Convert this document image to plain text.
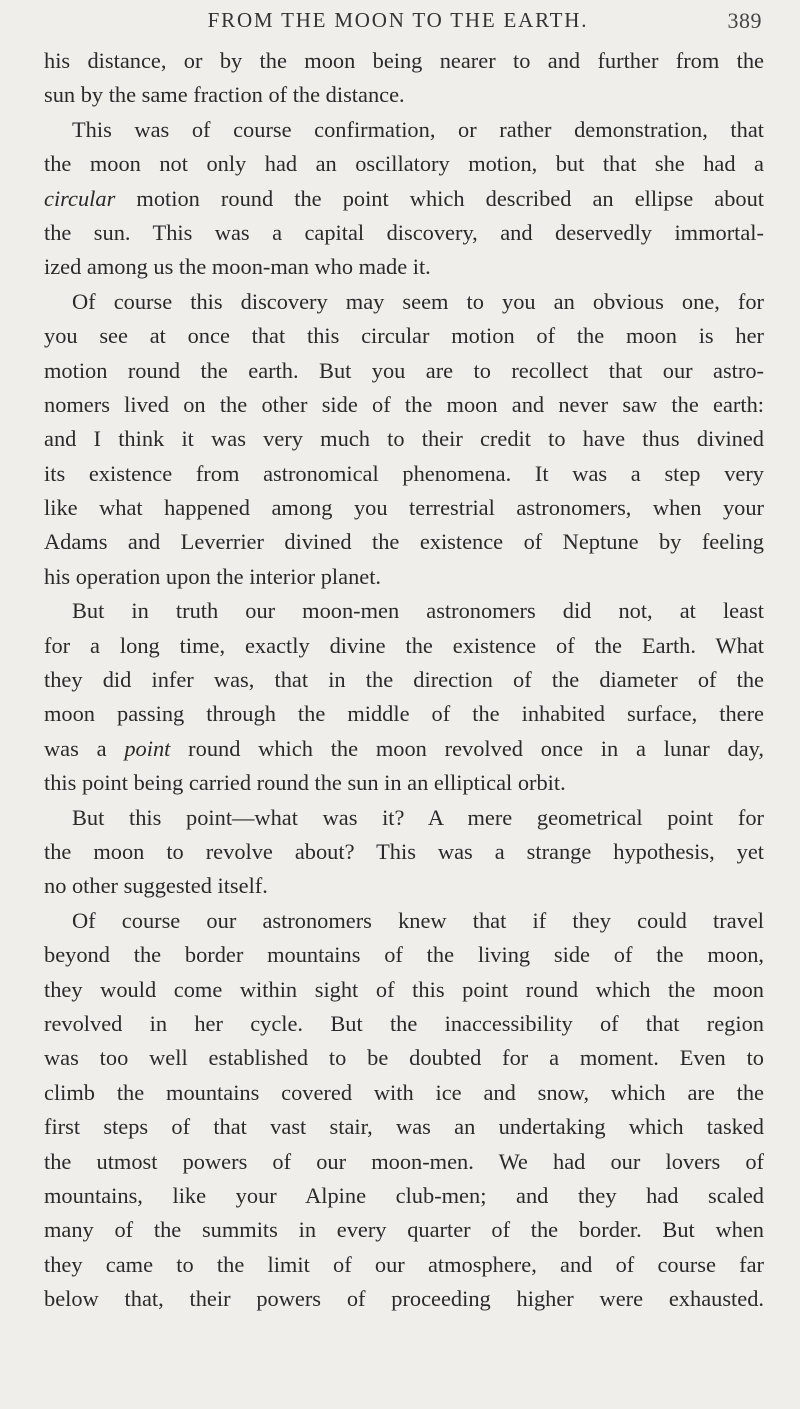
FROM THE MOON TO THE EARTH.	389
his distance, or by the moon being nearer to and further from the
sun by the same fraction of the distance.
This was of course confirmation, or rather demonstration, that
the moon not only had an oscillatory motion, but that she had a
circular motion round the point which described an ellipse about
the sun. This was a capital discovery, and deservedly immortal-
ized among us the moon-man who made it.
Of course this discovery may seem to you an obvious one, for
you see at once that this circular motion of the moon is her
motion round the earth. But you are to recollect that our astro-
nomers lived on the other side of the moon and never saw the earth:
and I think it was very much to their credit to have thus divined
its existence from astronomical phenomena. It was a step very
like what happened among you terrestrial astronomers, when your
Adams and Leverrier divined the existence of Neptune by feeling
his operation upon the interior planet.
But in truth our moon-men astronomers did not, at least
for a long time, exactly divine the existence of the Earth. What
they did infer was, that in the direction of the diameter of the
moon passing through the middle of the inhabited surface, there
was a point round which the moon revolved once in a lunar day,
this point being carried round the sun in an elliptical orbit.
But this point—what was it? A mere geometrical point for
the moon to revolve about? This was a strange hypothesis, yet
no other suggested itself.
Of course our astronomers knew that if they could travel
beyond the border mountains of the living side of the moon,
they would come within sight of this point round which the moon
revolved in her cycle. But the inaccessibility of that region
was too well established to be doubted for a moment. Even to
climb the mountains covered with ice and snow, which are the
first steps of that vast stair, was an undertaking which tasked
the utmost powers of our moon-men. We had our lovers of
mountains, like your Alpine club-men; and they had scaled
many of the summits in every quarter of the border. But when
they came to the limit of our atmosphere, and of course far
below that, their powers of proceeding higher were exhausted.
